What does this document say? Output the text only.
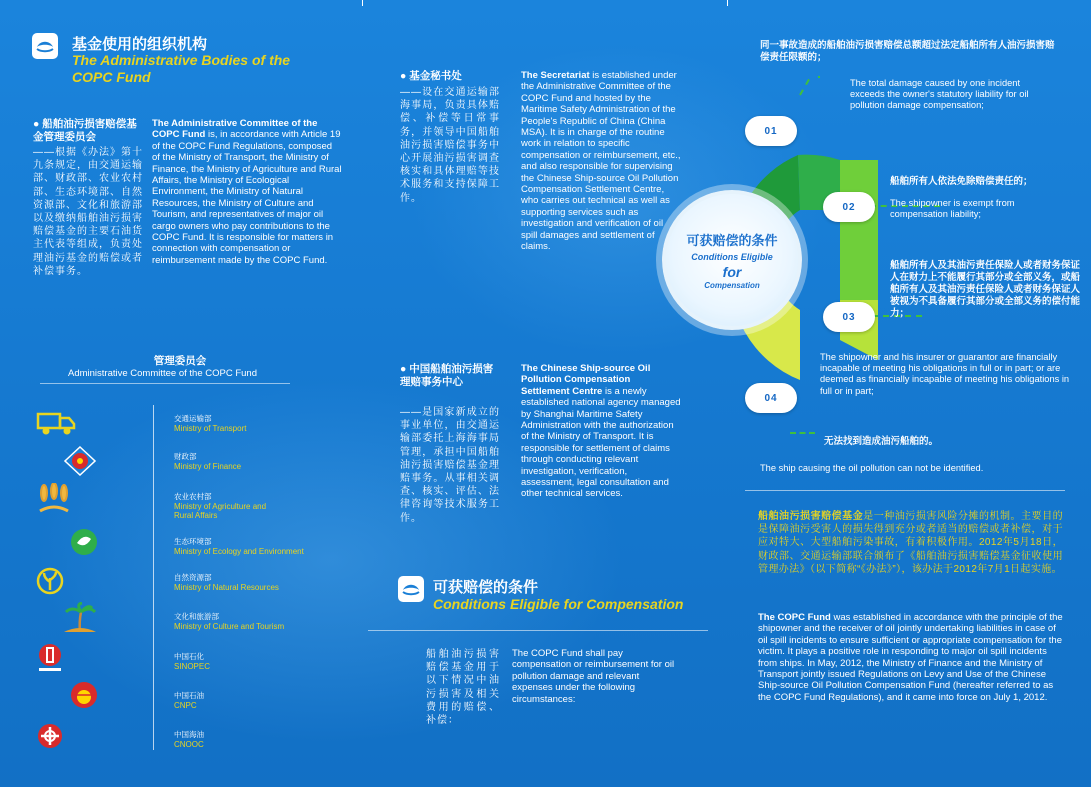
基金使用的组织机构
The Administrative Bodies of the
COPC Fund
● 船舶油污损害赔偿基金管理委员会
——根据《办法》第十九条规定，由交通运输部、财政部、农业农村部、生态环境部、自然资源部、文化和旅游部以及缴纳船舶油污损害赔偿基金的主要石油货主代表等组成，负责处理油污基金的赔偿或者补偿事务。
The Administrative Committee of the COPC Fund is, in accordance with Article 19 of the COPC Fund Regulations, composed of the Ministry of Transport, the Ministry of Finance, the Ministry of Agriculture and Rural Affairs, the Ministry of Ecological Environment, the Ministry of Natural Resources, the Ministry of Culture and Tourism, and representatives of major oil cargo owners who pay contributions to the COPC Fund. It is responsible for matters in connection with compensation or reimbursement made by the COPC Fund.
管理委员会
Administrative Committee of the COPC Fund
交通运输部
Ministry of Transport
财政部
Ministry of Finance
农业农村部
Ministry of Agriculture and Rural Affairs
生态环境部
Ministry of Ecology and Environment
自然资源部
Ministry of Natural Resources
文化和旅游部
Ministry of Culture and Tourism
中国石化
SINOPEC
中国石油
CNPC
中国海油
CNOOC
● 基金秘书处
——设在交通运输部海事局，负责具体赔偿、补偿等日常事务，并领导中国船舶油污损害赔偿事务中心开展油污损害调查核实和具体理赔等技术服务和支持保障工作。
The Secretariat is established under the Administrative Committee of the COPC Fund and hosted by the Maritime Safety Administration of the People's Republic of China (China MSA). It is in charge of the routine work in relation to specific compensation or reimbursement, etc., and also responsible for supervising the Chinese Ship-source Oil Pollution Compensation Settlement Centre, who carries out technical as well as supporting services such as investigation and verification of oil spill damages and settlement of claims.
● 中国船舶油污损害理赔事务中心
——是国家新成立的事业单位，由交通运输部委托上海海事局管理，承担中国船舶油污损害赔偿基金理赔事务。从事相关调查、核实、评估、法律咨询等技术服务工作。
The Chinese Ship-source Oil Pollution Compensation Settlement Centre is a newly established national agency managed by Shanghai Maritime Safety Administration with the authorization of the Ministry of Transport. It is responsible for settlement of claims through conducting relevant investigation, verification, assessment, legal consultation and other technical services.
可获赔偿的条件
Conditions Eligible for Compensation
船舶油污损害赔偿基金用于以下情况中油污损害及相关费用的赔偿、补偿：
The COPC Fund shall pay compensation or reimbursement for oil pollution damage and relevant expenses under the following circumstances:
可获赔偿的条件
Conditions Eligible
for
Compensation
01
02
03
04
同一事故造成的船舶油污损害赔偿总额超过法定船舶所有人油污损害赔偿责任限额的；
The total damage caused by one incident exceeds the owner's statutory liability for oil pollution damage compensation;
船舶所有人依法免除赔偿责任的；
The shipowner is exempt from compensation liability;
船舶所有人及其油污责任保险人或者财务保证人在财力上不能履行其部分或全部义务，或船舶所有人及其油污责任保险人或者财务保证人被视为不具备履行其部分或全部义务的偿付能力；
The shipowner and his insurer or guarantor are financially incapable of meeting his obligations in full or in part; or are deemed as financially incapable of meeting his obligations in full or in part;
无法找到造成油污船舶的。
The ship causing the oil pollution can not be identified.
船舶油污损害赔偿基金是一种油污损害风险分摊的机制。主要目的是保障油污受害人的损失得到充分或者适当的赔偿或者补偿，对于应对特大、大型船舶污染事故，有着积极作用。2012年5月18日，财政部、交通运输部联合颁布了《船舶油污损害赔偿基金征收使用管理办法》（以下简称“《办法》”），该办法于2012年7月1日起实施。
The COPC Fund was established in accordance with the principle of the shipowner and the receiver of oil jointly undertaking liabilities in case of oil spill incidents to ensure sufficient or appropriate compensation for the victim. It plays a positive role in responding to major oil spill incidents from ships. In May, 2012, the Ministry of Finance and the Ministry of Transport jointly issued Regulations on Levy and Use of the Chinese Ship-source Oil Pollution Compensation Fund (hereafter referred to as the COPC Fund Regulations), and it came into force on July 1, 2012.
